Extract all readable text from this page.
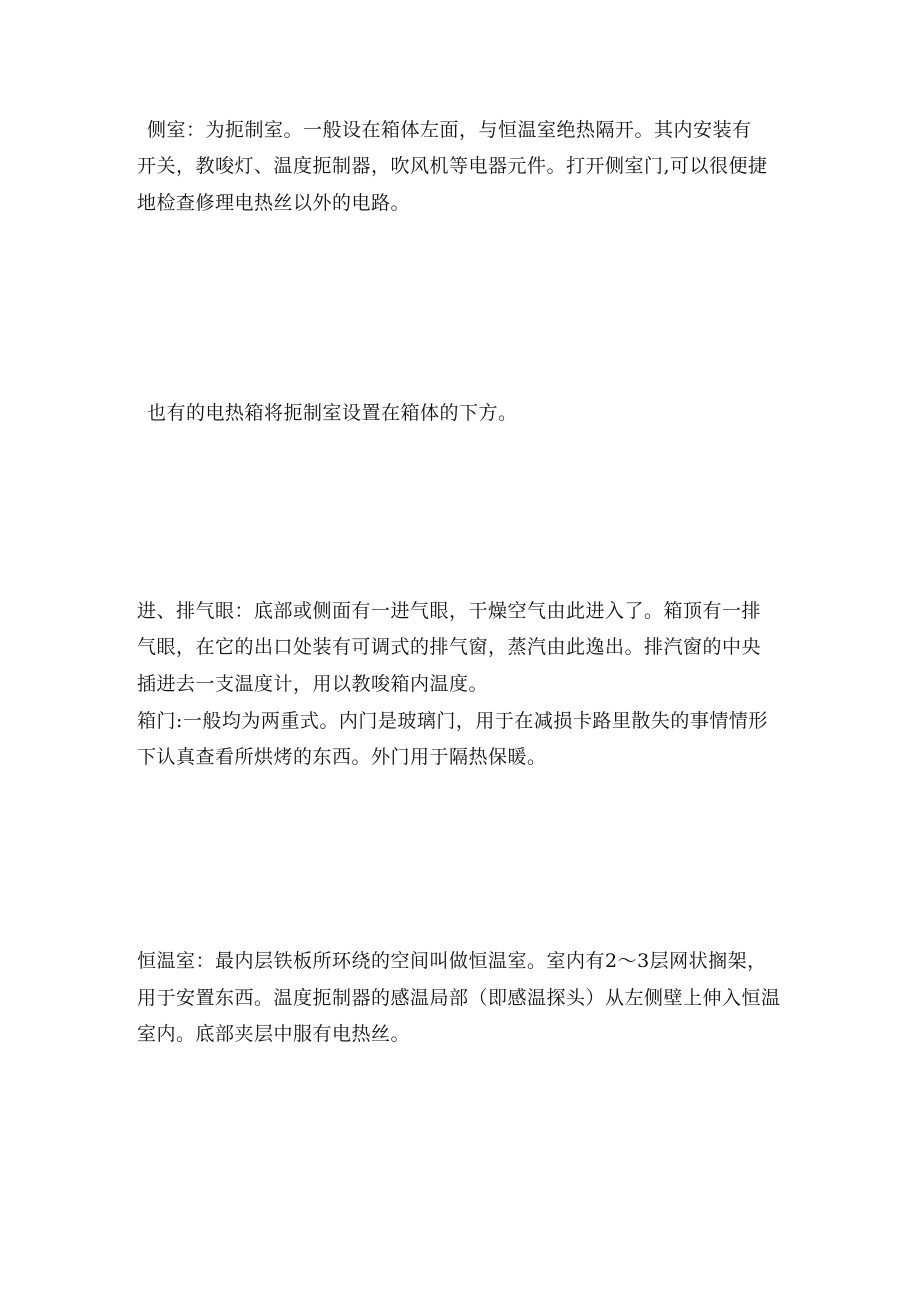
侧室：为扼制室。一般设在箱体左面，与恒温室绝热隔开。其内安装有
开关，教唆灯、温度扼制器，吹风机等电器元件。打开侧室门,可以很便捷
地检查修理电热丝以外的电路。
也有的电热箱将扼制室设置在箱体的下方。
进、排气眼：底部或侧面有一进气眼，干燥空气由此进入了。箱顶有一排
气眼，在它的出口处装有可调式的排气窗，蒸汽由此逸出。排汽窗的中央
插进去一支温度计，用以教唆箱内温度。
箱门:一般均为两重式。内门是玻璃门，用于在减损卡路里散失的事情情形
下认真查看所烘烤的东西。外门用于隔热保暖。
恒温室：最内层铁板所环绕的空间叫做恒温室。室内有2～3层网状搁架，
用于安置东西。温度扼制器的感温局部（即感温探头）从左侧壁上伸入恒温
室内。底部夹层中服有电热丝。
